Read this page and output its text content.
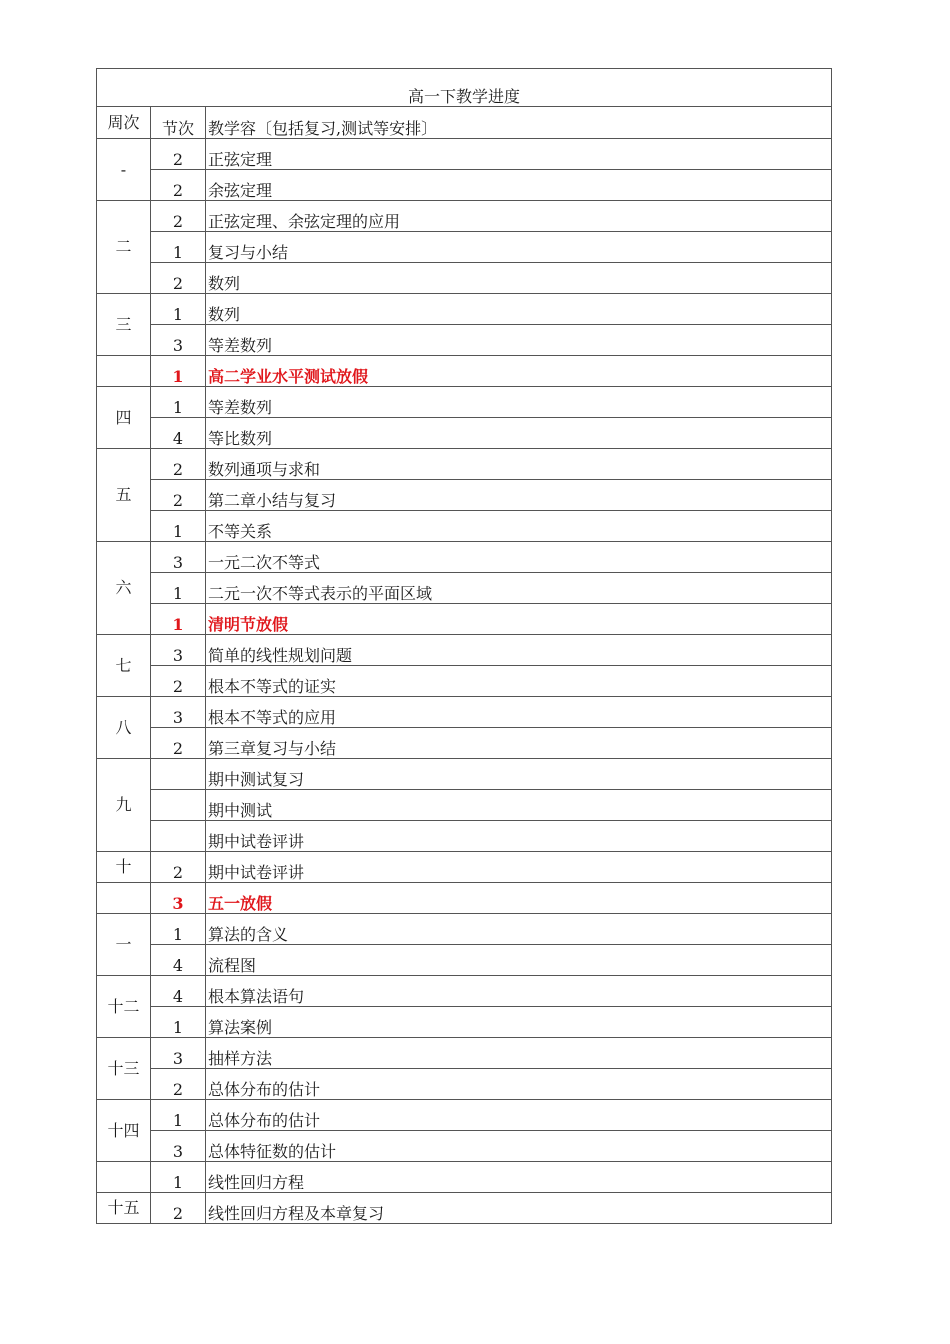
高一下教学进度		
周次	节次	教学容〔包括复习,测试等安排〕
-	2	正弦定理
	2	余弦定理
二	2	正弦定理、余弦定理的应用
	1	复习与小结
	2	数列
三	1	数列
	3	等差数列
	1	高二学业水平测试放假
四	1	等差数列
	4	等比数列
五	2	数列通项与求和
	2	第二章小结与复习
	1	不等关系
六	3	一元二次不等式
	1	二元一次不等式表示的平面区域
	1	清明节放假
七	3	简单的线性规划问题
	2	根本不等式的证实
八	3	根本不等式的应用
	2	第三章复习与小结
九		期中测试复习
		期中测试
		期中试卷评讲
十	2	期中试卷评讲
	3	五一放假
一	1	算法的含义
	4	流程图
十二	4	根本算法语句
	1	算法案例
十三	3	抽样方法
	2	总体分布的估计
十四	1	总体分布的估计
	3	总体特征数的估计
	1	线性回归方程
十五	2	线性回归方程及本章复习
